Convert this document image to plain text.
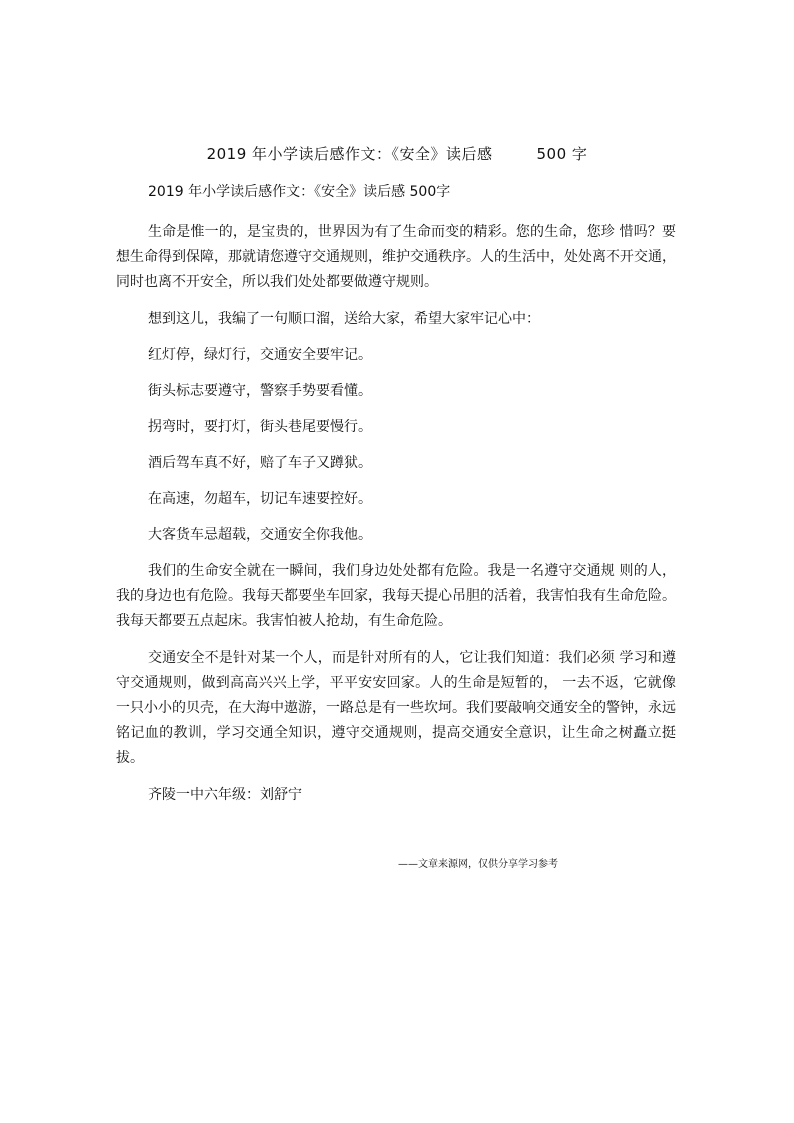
2019 年小学读后感作文：《安全》读后感	500 字
2019 年小学读后感作文：《安全》读后感 500字

生命是惟一的，是宝贵的，世界因为有了生命而变的精彩。您的生命，您珍 惜吗？要想生命得到保障，那就请您遵守交通规则，维护交通秩序。人的生活中，处处离不开交通，同时也离不开安全，所以我们处处都要做遵守规则。

想到这儿，我编了一句顺口溜，送给大家，希望大家牢记心中：

红灯停，绿灯行，交通安全要牢记。

街头标志要遵守，警察手势要看懂。

拐弯时，要打灯，街头巷尾要慢行。

酒后驾车真不好，赔了车子又蹲狱。

在高速，勿超车，切记车速要控好。

大客货车忌超载，交通安全你我他。

我们的生命安全就在一瞬间，我们身边处处都有危险。我是一名遵守交通规 则的人，我的身边也有危险。我每天都要坐车回家，我每天提心吊胆的活着，我害怕我有生命危险。我每天都要五点起床。我害怕被人抢劫，有生命危险。

交通安全不是针对某一个人，而是针对所有的人，它让我们知道：我们必须 学习和遵守交通规则，做到高高兴兴上学，平平安安回家。人的生命是短暂的， 一去不返，它就像一只小小的贝壳，在大海中遨游，一路总是有一些坎坷。我们要敲响交通安全的警钟，永远铭记血的教训，学习交通全知识，遵守交通规则，提高交通安全意识，让生命之树矗立挺拔。

齐陵一中六年级：刘舒宁

——文章来源网，仅供分享学习参考
